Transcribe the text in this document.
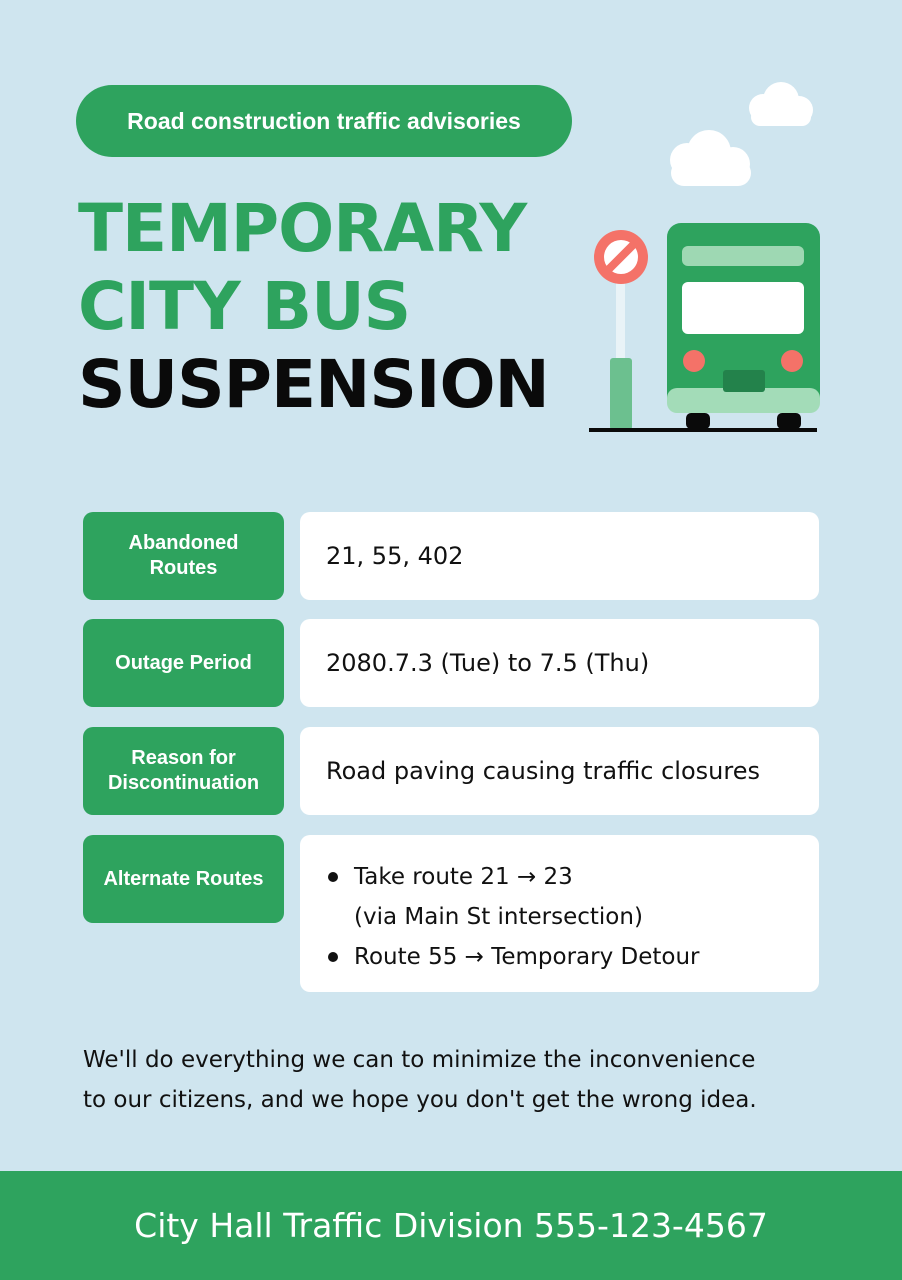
Road construction traffic advisories
TEMPORARY
CITY BUS
SUSPENSION
Abandoned Routes	21, 55, 402
Outage Period	2080.7.3 (Tue) to 7.5 (Thu)
Reason for Discontinuation	Road paving causing traffic closures
Alternate Routes	Take route 21 → 23
(via Main St intersection)
Route 55 → Temporary Detour

We'll do everything we can to minimize the inconvenience
to our citizens, and we hope you don't get the wrong idea.

City Hall Traffic Division 555-123-4567
